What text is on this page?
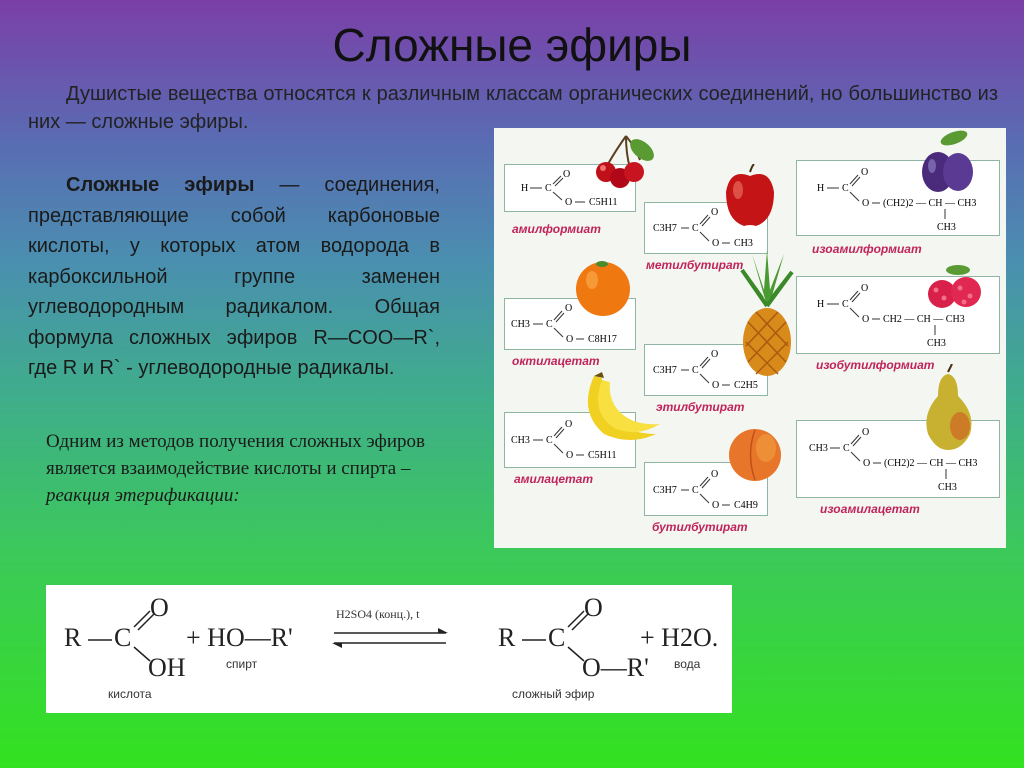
Сложные эфиры
Душистые вещества относятся к различным классам органических соединений, но большинство из них — сложные эфиры.
Сложные эфиры — соединения, представляющие собой карбоновые кислоты, у которых атом водорода в карбоксильной группе заменен углеводородным радикалом. Общая формула сложных эфиров R—COO—R`, где R и R` - углеводородные радикалы.
Одним из методов получения сложных эфиров является взаимодействие кислоты и спирта – реакция этерификации:
H C
O
O C5H11
амилформиат	C3H7 C
O
O CH3
метилбутират
H C
O
O (CH2)2 — CH — CH3
CH3
изоамилформиат
CH3 C
O
O C8H17
октилацетат
C3H7 C
O
O C2H5
этилбутират
H C
O
O CH2 — CH — CH3
CH3
изобутилформиат
CH3 C
O
O C5H11
амилацетат
C3H7 C
O
O C4H9
бутилбутират
CH3 C
O
O (CH2)2 — CH — CH3
CH3
изоамилацетат
R C
O
OH
кислота
+ HO—R'
спирт
H2SO4 (конц.), t
R C
O
O—R'
сложный эфир
+ H2O.
вода
